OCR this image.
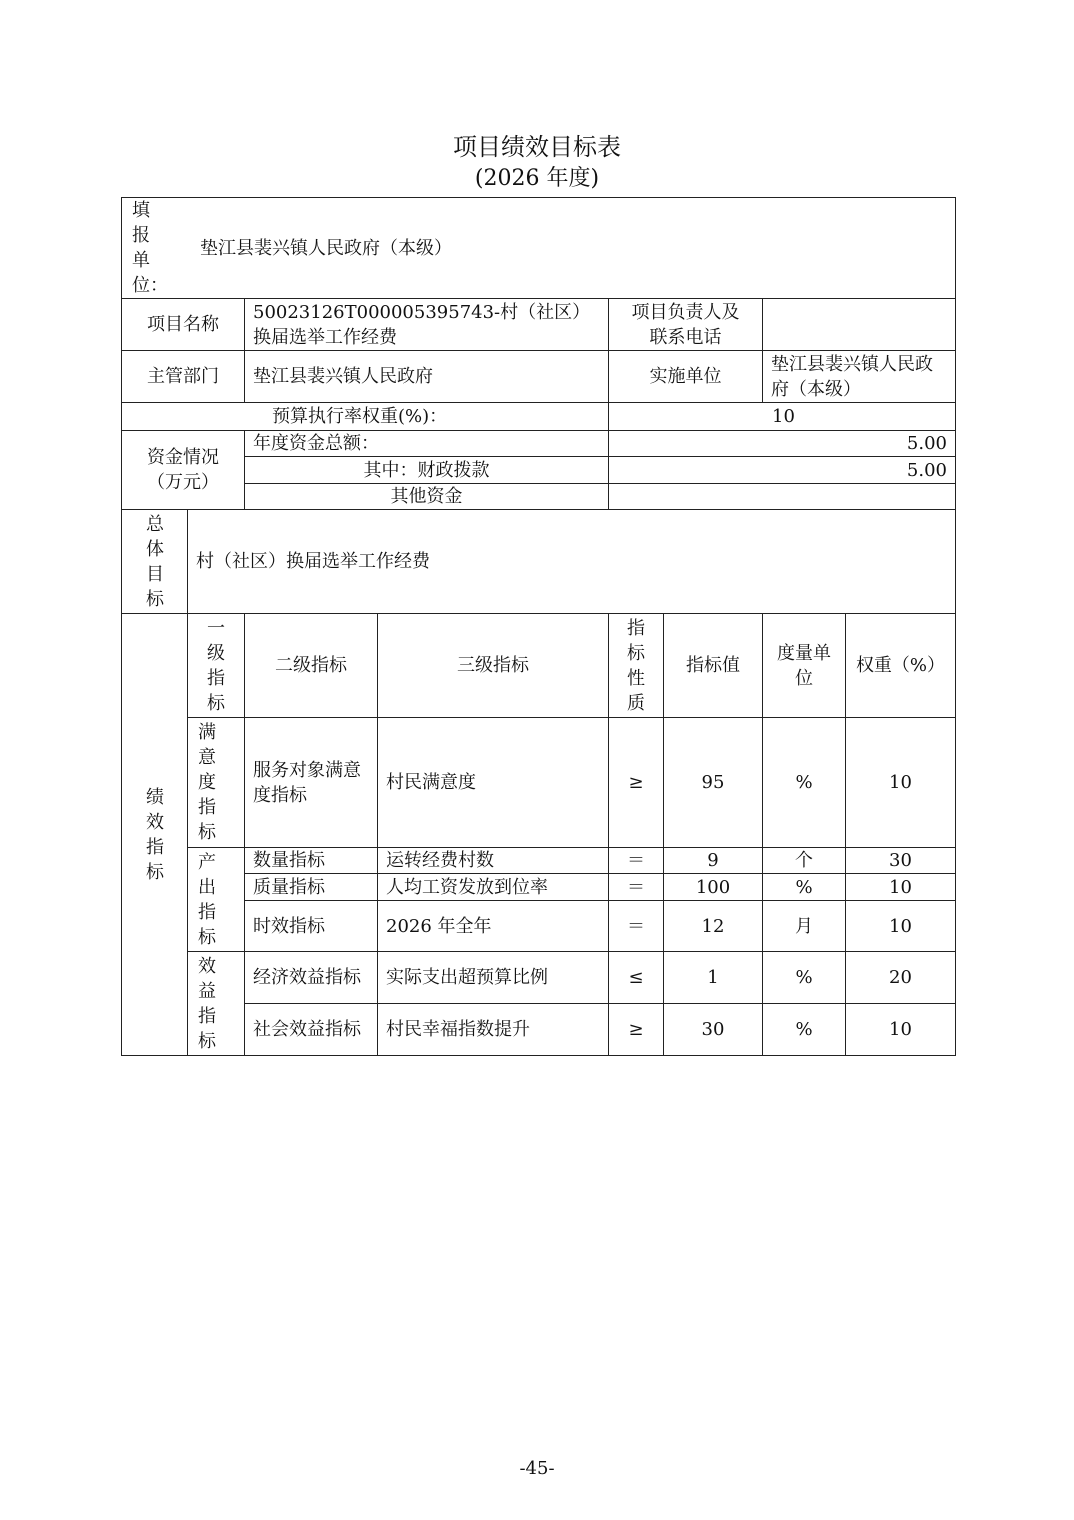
项目绩效目标表
(2026 年度)
填报单位：
垫江县裴兴镇人民政府（本级）							

项目名称		50023126T000005395743-村（社区）换届选举工作经费		项目负责人及联系电话			
主管部门		垫江县裴兴镇人民政府		实施单位		垫江县裴兴镇人民政府（本级）	
预算执行率权重(%)：				10			
资金情况（万元）		年度资金总额：		5.00			
		其中：财政拨款		5.00			
		其他资金					
总体目标	村（社区）换届选举工作经费						
绩效指标	一级指标	二级指标	三级指标	指标性质	指标值	度量单位	权重（%）
	满意度指标	服务对象满意度指标	村民满意度	≥	95	%	10
	产出指标	数量指标	运转经费村数	＝	9	个	30
		质量指标	人均工资发放到位率	＝	100	%	10
		时效指标	2026 年全年	＝	12	月	10
	效益指标	经济效益指标	实际支出超预算比例	≤	1	%	20
		社会效益指标	村民幸福指数提升	≥	30	%	10
-45-
